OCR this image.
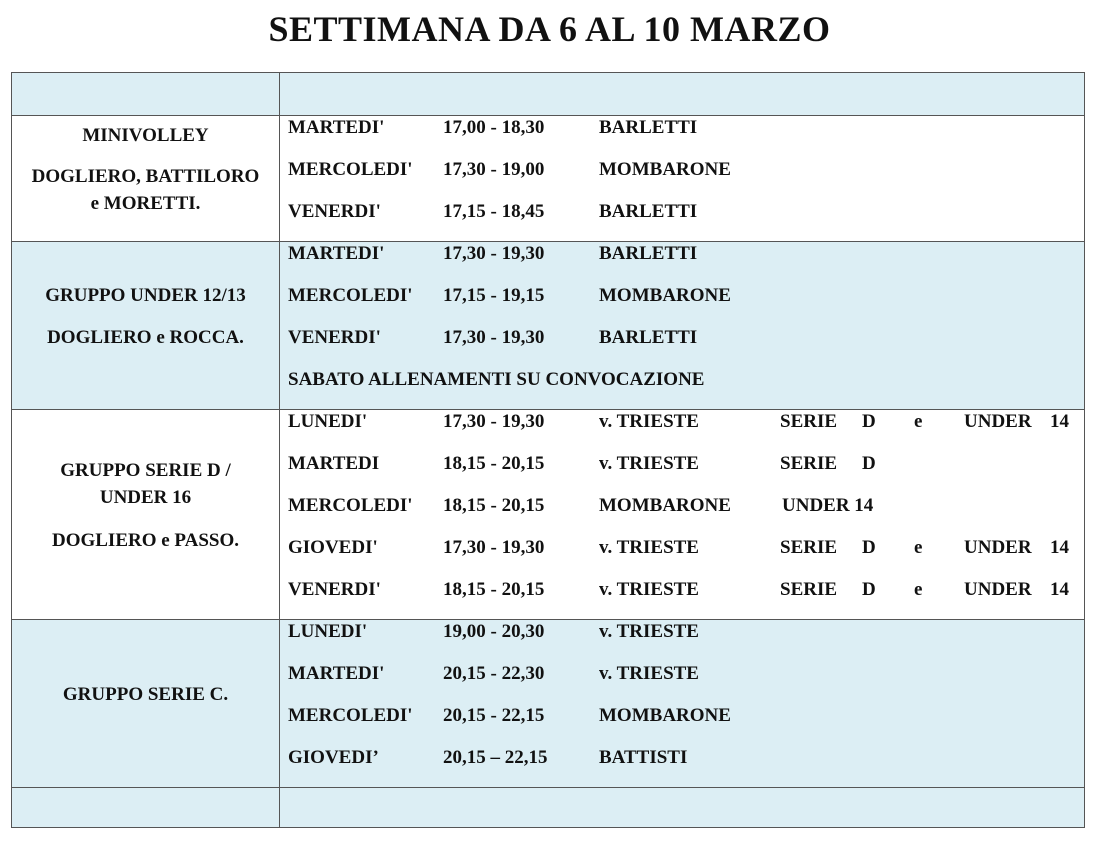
SETTIMANA DA 6 AL 10 MARZO
MINIVOLLEY
DOGLIERO, BATTILORO
e MORETTI.
MARTEDI'	17,00 - 18,30	BARLETTI
MERCOLEDI' 17,30 - 19,00	MOMBARONE
VENERDI'	17,15 - 18,45	BARLETTI
GRUPPO UNDER 12/13
DOGLIERO e ROCCA.
MARTEDI'	17,30 - 19,30	BARLETTI
MERCOLEDI' 17,15 - 19,15	MOMBARONE
VENERDI'	17,30 - 19,30	BARLETTI
SABATO ALLENAMENTI SU CONVOCAZIONE
GRUPPO SERIE D /
UNDER 16
DOGLIERO e PASSO.
LUNEDI'	17,30 - 19,30	v. TRIESTE	SERIE D e UNDER 14
MARTEDI	18,15 - 20,15	v. TRIESTE	SERIE D
MERCOLEDI' 18,15 - 20,15	MOMBARONE	UNDER 14
GIOVEDI'	17,30 - 19,30	v. TRIESTE	SERIE D e UNDER 14
VENERDI'	18,15 - 20,15	v. TRIESTE	SERIE D e UNDER 14
GRUPPO SERIE C.
LUNEDI'	19,00 - 20,30	v. TRIESTE
MARTEDI'	20,15 - 22,30	v. TRIESTE
MERCOLEDI' 20,15 - 22,15	MOMBARONE
GIOVEDI’	20,15 – 22,15	BATTISTI
